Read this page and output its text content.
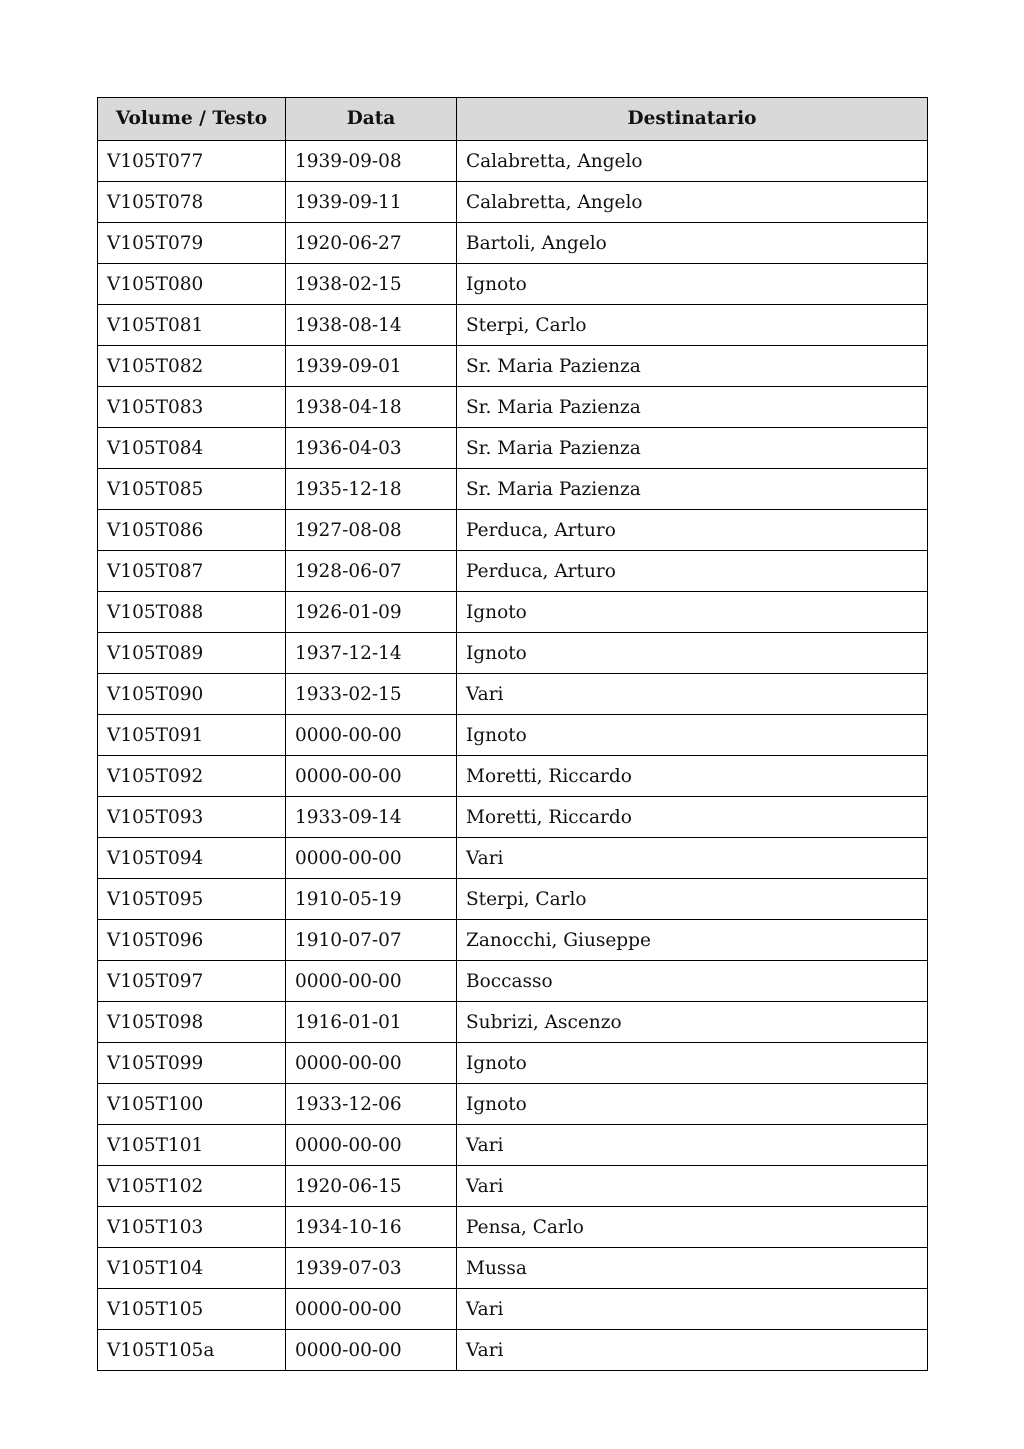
Volume / Testo	Data	Destinatario
V105T077	1939-09-08	Calabretta, Angelo
V105T078	1939-09-11	Calabretta, Angelo
V105T079	1920-06-27	Bartoli, Angelo
V105T080	1938-02-15	Ignoto
V105T081	1938-08-14	Sterpi, Carlo
V105T082	1939-09-01	Sr. Maria Pazienza
V105T083	1938-04-18	Sr. Maria Pazienza
V105T084	1936-04-03	Sr. Maria Pazienza
V105T085	1935-12-18	Sr. Maria Pazienza
V105T086	1927-08-08	Perduca, Arturo
V105T087	1928-06-07	Perduca, Arturo
V105T088	1926-01-09	Ignoto
V105T089	1937-12-14	Ignoto
V105T090	1933-02-15	Vari
V105T091	0000-00-00	Ignoto
V105T092	0000-00-00	Moretti, Riccardo
V105T093	1933-09-14	Moretti, Riccardo
V105T094	0000-00-00	Vari
V105T095	1910-05-19	Sterpi, Carlo
V105T096	1910-07-07	Zanocchi, Giuseppe
V105T097	0000-00-00	Boccasso
V105T098	1916-01-01	Subrizi, Ascenzo
V105T099	0000-00-00	Ignoto
V105T100	1933-12-06	Ignoto
V105T101	0000-00-00	Vari
V105T102	1920-06-15	Vari
V105T103	1934-10-16	Pensa, Carlo
V105T104	1939-07-03	Mussa
V105T105	0000-00-00	Vari
V105T105a	0000-00-00	Vari
